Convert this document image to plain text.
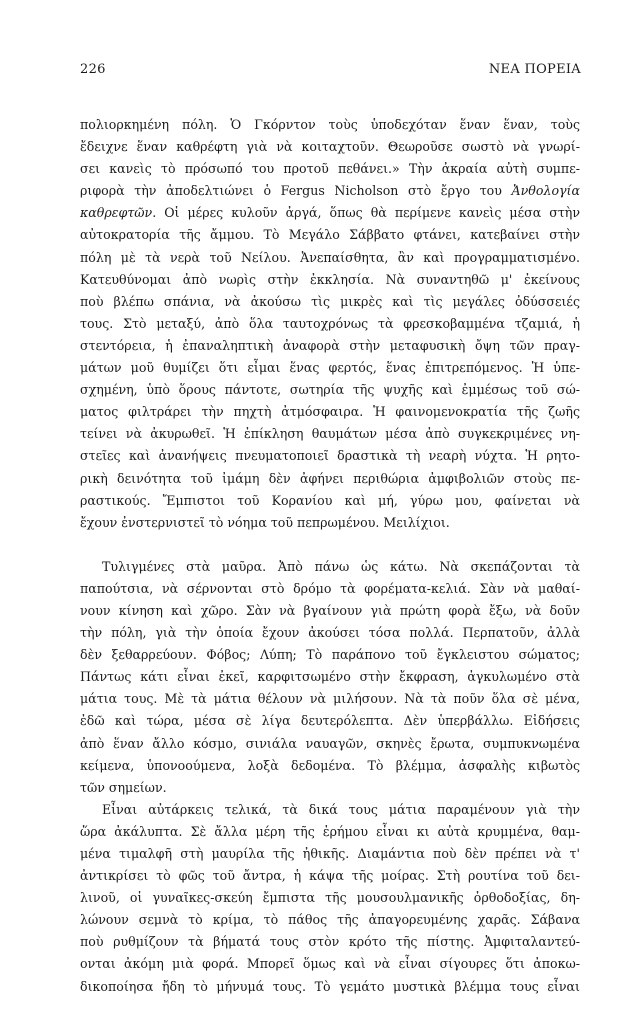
226	ΝΕΑ ΠΟΡΕΙΑ
πολιορκημένη πόλη. Ὁ Γκόρντον τοὺς ὑποδεχόταν ἕναν ἕναν, τοὺς
ἔδειχνε ἕναν καθρέφτη γιὰ νὰ κοιταχτοῦν. Θεωροῦσε σωστὸ νὰ γνωρί-
σει κανεὶς τὸ πρόσωπό του προτοῦ πεθάνει.» Τὴν ἀκραία αὐτὴ συμπε-
ριφορὰ τὴν ἀποδελτιώνει ὁ Fergus Nicholson στὸ ἔργο του Ἀνθολογία
καθρεφτῶν. Οἱ μέρες κυλοῦν ἀργά, ὅπως θὰ περίμενε κανεὶς μέσα στὴν
αὐτοκρατορία τῆς ἄμμου. Τὸ Μεγάλο Σάββατο φτάνει, κατεβαίνει στὴν
πόλη μὲ τὰ νερὰ τοῦ Νείλου. Ἀνεπαίσθητα, ἂν καὶ προγραμματισμένο.
Κατευθύνομαι ἀπὸ νωρὶς στὴν ἐκκλησία. Νὰ συναντηθῶ μ' ἐκείνους
ποὺ βλέπω σπάνια, νὰ ἀκούσω τὶς μικρὲς καὶ τὶς μεγάλες ὀδύσσειές
τους. Στὸ μεταξύ, ἀπὸ ὅλα ταυτοχρόνως τὰ φρεσκοβαμμένα τζαμιά, ἡ
στεντόρεια, ἡ ἐπαναληπτικὴ ἀναφορὰ στὴν μεταφυσικὴ ὄψη τῶν πραγ-
μάτων μοῦ θυμίζει ὅτι εἶμαι ἕνας φερτός, ἕνας ἐπιτρεπόμενος. Ἡ ὑπε-
σχημένη, ὑπὸ ὅρους πάντοτε, σωτηρία τῆς ψυχῆς καὶ ἐμμέσως τοῦ σώ-
ματος φιλτράρει τὴν πηχτὴ ἀτμόσφαιρα. Ἡ φαινομενοκρατία τῆς ζωῆς
τείνει νὰ ἀκυρωθεῖ. Ἡ ἐπίκληση θαυμάτων μέσα ἀπὸ συγκεκριμένες νη-
στεῖες καὶ ἀνανήψεις πνευματοποιεῖ δραστικὰ τὴ νεαρὴ νύχτα. Ἡ ρητο-
ρικὴ δεινότητα τοῦ ἰμάμη δὲν ἀφήνει περιθώρια ἀμφιβολιῶν στοὺς πε-
ραστικούς. Ἔμπιστοι τοῦ Κορανίου καὶ μή, γύρω μου, φαίνεται νὰ
ἔχουν ἐνστερνιστεῖ τὸ νόημα τοῦ πεπρωμένου. Μειλίχιοι.
Τυλιγμένες στὰ μαῦρα. Ἀπὸ πάνω ὡς κάτω. Νὰ σκεπάζονται τὰ
παπούτσια, νὰ σέρνονται στὸ δρόμο τὰ φορέματα-κελιά. Σὰν νὰ μαθαί-
νουν κίνηση καὶ χῶρο. Σὰν νὰ βγαίνουν γιὰ πρώτη φορὰ ἔξω, νὰ δοῦν
τὴν πόλη, γιὰ τὴν ὁποία ἔχουν ἀκούσει τόσα πολλά. Περπατοῦν, ἀλλὰ
δὲν ξεθαρρεύουν. Φόβος; Λύπη; Τὸ παράπονο τοῦ ἔγκλειστου σώματος;
Πάντως κάτι εἶναι ἐκεῖ, καρφιτσωμένο στὴν ἔκφραση, ἀγκυλωμένο στὰ
μάτια τους. Μὲ τὰ μάτια θέλουν νὰ μιλήσουν. Νὰ τὰ ποῦν ὅλα σὲ μένα,
ἐδῶ καὶ τώρα, μέσα σὲ λίγα δευτερόλεπτα. Δὲν ὑπερβάλλω. Εἰδήσεις
ἀπὸ ἕναν ἄλλο κόσμο, σινιάλα ναυαγῶν, σκηνὲς ἔρωτα, συμπυκνωμένα
κείμενα, ὑπονοούμενα, λοξὰ δεδομένα. Τὸ βλέμμα, ἀσφαλὴς κιβωτὸς
τῶν σημείων.
Εἶναι αὐτάρκεις τελικά, τὰ δικά τους μάτια παραμένουν γιὰ τὴν
ὥρα ἀκάλυπτα. Σὲ ἄλλα μέρη τῆς ἐρήμου εἶναι κι αὐτὰ κρυμμένα, θαμ-
μένα τιμαλφῆ στὴ μαυρίλα τῆς ἠθικῆς. Διαμάντια ποὺ δὲν πρέπει νὰ τ'
ἀντικρίσει τὸ φῶς τοῦ ἄντρα, ἡ κάψα τῆς μοίρας. Στὴ ρουτίνα τοῦ δει-
λινοῦ, οἱ γυναῖκες-σκεύη ἔμπιστα τῆς μουσουλμανικῆς ὀρθοδοξίας, δη-
λώνουν σεμνὰ τὸ κρίμα, τὸ πάθος τῆς ἀπαγορευμένης χαρᾶς. Σάβανα
ποὺ ρυθμίζουν τὰ βήματά τους στὸν κρότο τῆς πίστης. Ἀμφιταλαντεύ-
ονται ἀκόμη μιὰ φορά. Μπορεῖ ὅμως καὶ νὰ εἶναι σίγουρες ὅτι ἀποκω-
δικοποίησα ἤδη τὸ μήνυμά τους. Τὸ γεμάτο μυστικὰ βλέμμα τους εἶναι
